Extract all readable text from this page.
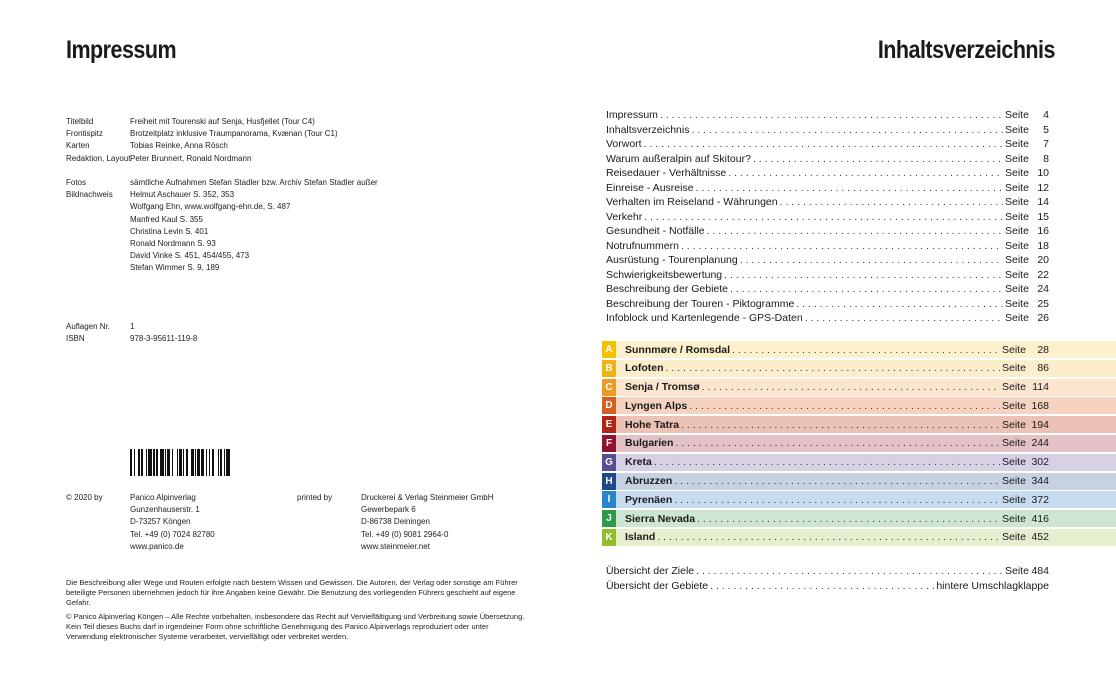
Impressum
Titelbild	Freiheit mit Tourenski auf Senja, Husfjellet (Tour C4)
Frontispitz	Brotzeitplatz inklusive Traumpanorama, Kvænan (Tour C1)
Karten	Tobias Reinke, Anna Rösch
Redaktion, Layout Peter Brunnert, Ronald Nordmann
Fotos	sämtliche Aufnahmen Stefan Stadler bzw. Archiv Stefan Stadler außer
Bildnachweis	Helmut Aschauer S. 352, 353
Wolfgang Ehn, www.wolfgang-ehn.de, S. 487
Manfred Kaul S. 355
Christina Levin S. 401
Ronald Nordmann S. 93
David Vinke S. 451, 454/455, 473
Stefan Wimmer S. 9, 189
Auflagen Nr.	1
ISBN	978-3-95611-119-8
© 2020 by	Panico Alpinverlag
Gunzenhauserstr. 1
D-73257 Köngen
Tel. +49 (0) 7024 82780
www.panico.de
printed by	Druckerei & Verlag Steinmeier GmbH
Gewerbepark 6
D-86738 Deiningen
Tel. +49 (0) 9081 2964-0
www.steinmeier.net

Die Beschreibung aller Wege und Routen erfolgte nach bestem Wissen und Gewissen. Die Autoren, der Verlag oder sonstige am Führer beteiligte Personen übernehmen jedoch für ihre Angaben keine Gewähr. Die Benutzung des vorliegenden Führers geschieht auf eigene Gefahr.

© Panico Alpinverlag Köngen – Alle Rechte vorbehalten, insbesondere das Recht auf Vervielfältigung und Verbreitung sowie Übersetzung. Kein Teil dieses Buchs darf in irgendeiner Form ohne schriftliche Genehmigung des Panico Alpinverlags reproduziert oder unter Verwendung elektronischer Systeme verarbeitet, vervielfältigt oder verbreitet werden.

Inhaltsverzeichnis
Impressum . . .	Seite	4
Inhaltsverzeichnis . . .	Seite	5
Vorwort . . .	Seite	7
Warum außeralpin auf Skitour? . . .	Seite	8
Reisedauer - Verhältnisse . . .	Seite 10
Einreise - Ausreise . . .	Seite 12
Verhalten im Reiseland - Währungen . . .	Seite 14
Verkehr . . .	Seite 15
Gesundheit - Notfälle . . .	Seite 16
Notrufnummern . . .	Seite 18
Ausrüstung - Tourenplanung . . .	Seite 20
Schwierigkeitsbewertung . . .	Seite 22
Beschreibung der Gebiete . . .	Seite 24
Beschreibung der Touren - Piktogramme . . .	Seite 25
Infoblock und Kartenlegende - GPS-Daten . . .	Seite 26
A	Sunnmøre / Romsdal . . .	Seite	28
B	Lofoten . . .	Seite	86
C	Senja / Tromsø . . .	Seite 114
D	Lyngen Alps . . .	Seite 168
E	Hohe Tatra . . .	Seite 194
F	Bulgarien . . .	Seite 244
G Kreta . . .	Seite 302
H	Abruzzen . . .	Seite 344
I	Pyrenäen . . .	Seite 372
J	Sierra Nevada . . .	Seite 416
K	Island . . .	Seite 452
Übersicht der Ziele . . .	Seite 484
Übersicht der Gebiete . . .	hintere Umschlagklappe
